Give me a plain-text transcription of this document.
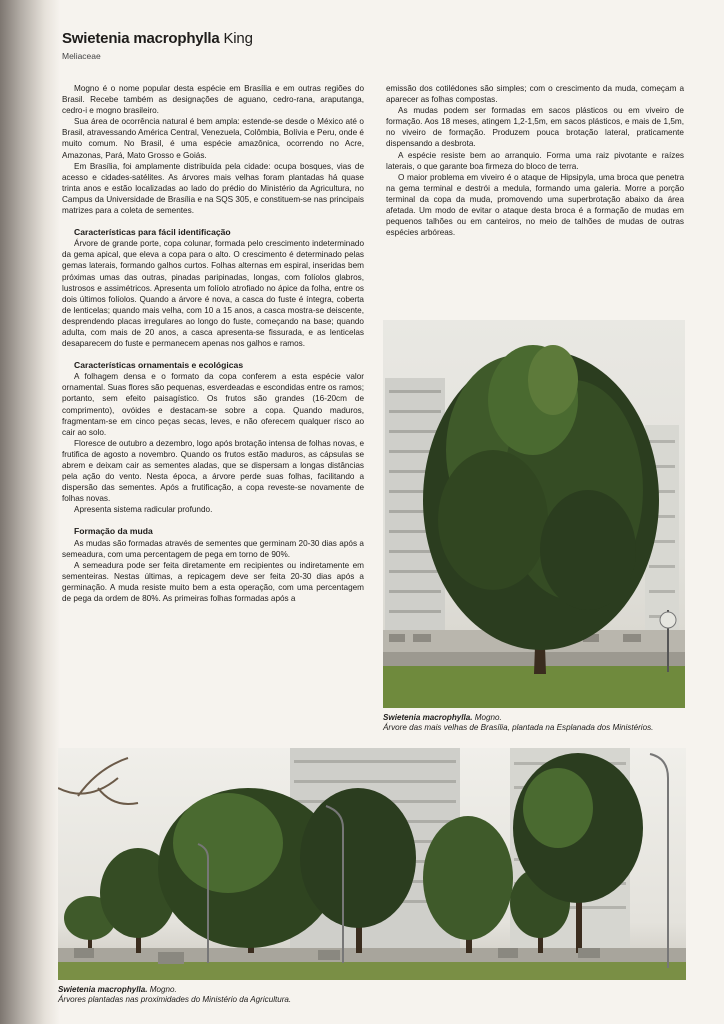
Swietenia macrophylla King
Meliaceae

Mogno é o nome popular desta espécie em Brasília e em outras regiões do Brasil. Recebe também as designações de aguano, cedro-rana, araputanga, cedro-i e mogno brasileiro.

Sua área de ocorrência natural é bem ampla: estende-se desde o México até o Brasil, atravessando América Central, Venezuela, Colômbia, Bolívia e Peru, onde é muito comum. No Brasil, é uma espécie amazônica, ocorrendo no Acre, Amazonas, Pará, Mato Grosso e Goiás.

Em Brasília, foi amplamente distribuída pela cidade: ocupa bosques, vias de acesso e cidades-satélites. As árvores mais velhas foram plantadas há quase trinta anos e estão localizadas ao lado do prédio do Ministério da Agricultura, no Campus da Universidade de Brasília e na SQS 305, e constituem-se nas principais matrizes para a coleta de sementes.

Características para fácil identificação

Árvore de grande porte, copa colunar, formada pelo crescimento indeterminado da gema apical, que eleva a copa para o alto. O crescimento é determinado pelas gemas laterais, formando galhos curtos. Folhas alternas em espiral, inseridas bem próximas umas das outras, pinadas paripinadas, longas, com folíolos glabros, lustrosos e assimétricos. Apresenta um folíolo atrofiado no ápice da folha, entre os dois últimos folíolos. Quando a árvore é nova, a casca do fuste é íntegra, coberta de lenticelas; quando mais velha, com 10 a 15 anos, a casca mostra-se deiscente, desprendendo placas irregulares ao longo do fuste, começando na base; quando adulta, com mais de 20 anos, a casca apresenta-se fissurada, e as lenticelas desaparecem do fuste e permanecem apenas nos galhos e ramos.

Características ornamentais e ecológicas

A folhagem densa e o formato da copa conferem a esta espécie valor ornamental. Suas flores são pequenas, esverdeadas e escondidas entre os ramos; portanto, sem efeito paisagístico. Os frutos são grandes (16-20cm de comprimento), ovóides e destacam-se sobre a copa. Quando maduros, fragmentam-se em cinco peças secas, leves, e não oferecem qualquer risco ao cair ao solo.

Floresce de outubro a dezembro, logo após brotação intensa de folhas novas, e frutifica de agosto a novembro. Quando os frutos estão maduros, as cápsulas se abrem e deixam cair as sementes aladas, que se dispersam a longas distâncias pela ação do vento. Nesta época, a árvore perde suas folhas, facilitando a dispersão das sementes. Após a frutificação, a copa reveste-se novamente de folhas novas.

Apresenta sistema radicular profundo.

Formação da muda

As mudas são formadas através de sementes que germinam 20-30 dias após a semeadura, com uma percentagem de pega em torno de 90%.

A semeadura pode ser feita diretamente em recipientes ou indiretamente em sementeiras. Nestas últimas, a repicagem deve ser feita 20-30 dias após a germinação. A muda resiste muito bem a esta operação, com uma percentagem de pega da ordem de 80%. As primeiras folhas formadas após a

emissão dos cotilédones são simples; com o crescimento da muda, começam a aparecer as folhas compostas.

As mudas podem ser formadas em sacos plásticos ou em viveiro de formação. Aos 18 meses, atingem 1,2-1,5m, em sacos plásticos, e mais de 1,5m, no viveiro de formação. Produzem pouca brotação lateral, praticamente dispensando a desbrota.

A espécie resiste bem ao arranquio. Forma uma raiz pivotante e raízes laterais, o que garante boa firmeza do bloco de terra.

O maior problema em viveiro é o ataque de Hipsipyla, uma broca que penetra na gema terminal e destrói a medula, formando uma galeria. Morre a porção terminal da copa da muda, promovendo uma superbrotação abaixo da área afetada. Um modo de evitar o ataque desta broca é a formação de mudas em pequenos talhões ou em canteiros, no meio de talhões de mudas de outras espécies arbóreas.

Swietenia macrophylla. Mogno.
Árvore das mais velhas de Brasília, plantada na Esplanada dos Ministérios.
Swietenia macrophylla. Mogno.
Árvores plantadas nas proximidades do Ministério da Agricultura.
